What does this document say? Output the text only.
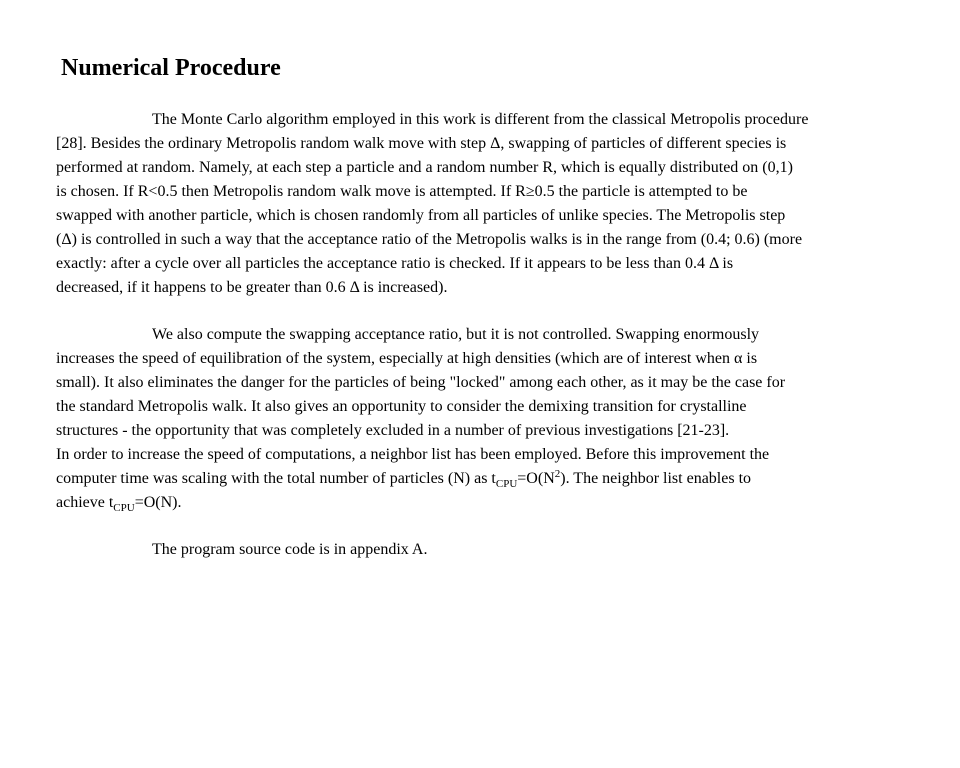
Numerical Procedure
The Monte Carlo algorithm employed in this work is different from the classical Metropolis procedure
[28]. Besides the ordinary Metropolis random walk move with step Δ, swapping of particles of different species is
performed at random. Namely, at each step a particle and a random number R, which is equally distributed on (0,1)
is chosen. If R<0.5 then Metropolis random walk move is attempted. If R≥0.5 the particle is attempted to be
swapped with another particle, which is chosen randomly from all particles of unlike species. The Metropolis step
(Δ) is controlled in such a way that the acceptance ratio of the Metropolis walks is in the range from (0.4; 0.6) (more
exactly: after a cycle over all particles the acceptance ratio is checked. If it appears to be less than 0.4 Δ is
decreased, if it happens to be greater than 0.6 Δ is increased).
We also compute the swapping acceptance ratio, but it is not controlled. Swapping enormously
increases the speed of equilibration of the system, especially at high densities (which are of interest when α is
small). It also eliminates the danger for the particles of being "locked" among each other, as it may be the case for
the standard Metropolis walk. It also gives an opportunity to consider the demixing transition for crystalline
structures - the opportunity that was completely excluded in a number of previous investigations [21-23].
In order to increase the speed of computations, a neighbor list has been employed. Before this improvement the
computer time was scaling with the total number of particles (N) as $t_{CPU}=O(N^2)$. The neighbor list enables to
achieve $t_{CPU}=O(N)$.
The program source code is in appendix A.
